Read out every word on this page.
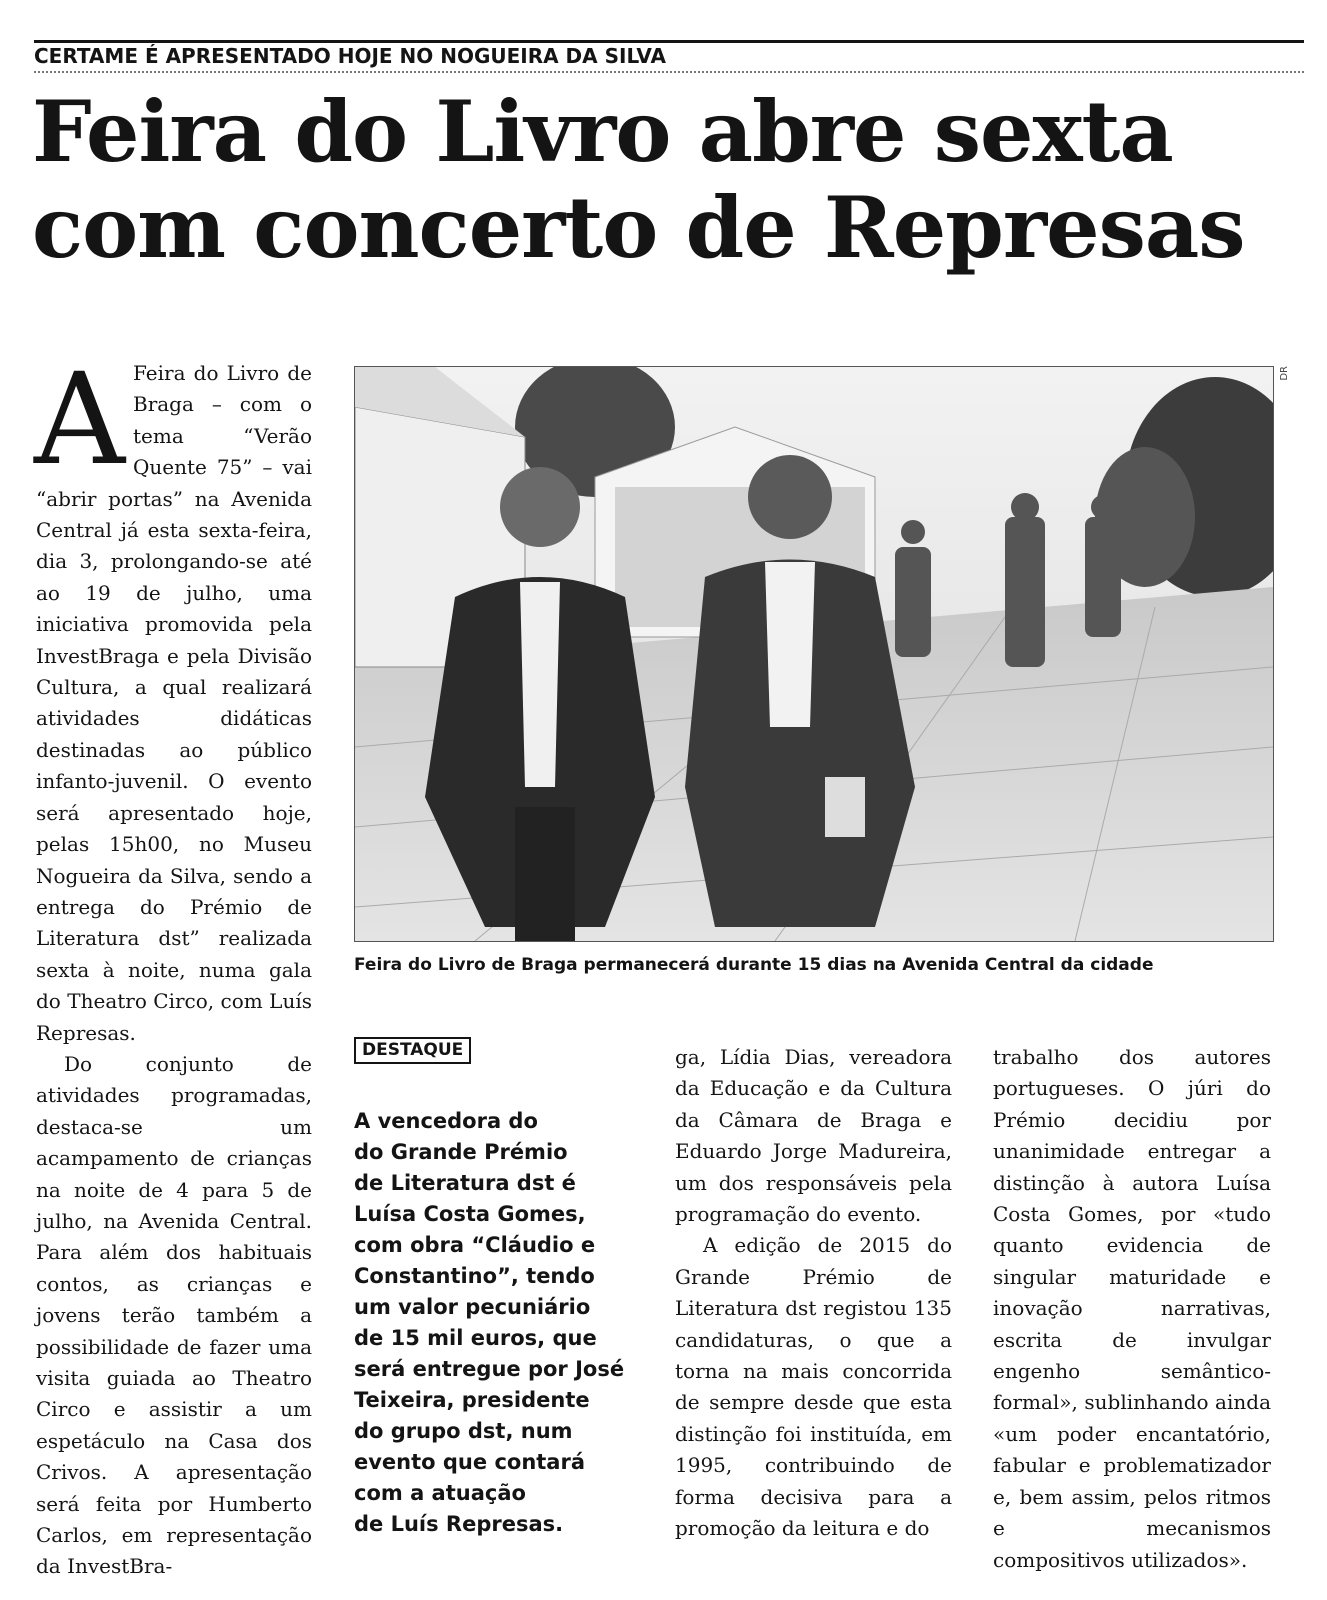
CERTAME É APRESENTADO HOJE NO NOGUEIRA DA SILVA
Feira do Livro abre sexta
com concerto de Represas
A Feira do Livro de Braga – com o tema “Verão Quente 75” – vai “abrir portas” na Avenida Central já esta sexta-feira, dia 3, prolongando-se até ao 19 de julho, uma iniciativa promovida pela InvestBraga e pela Divisão Cultura, a qual realizará atividades didáticas destinadas ao público infanto-juvenil. O evento será apresentado hoje, pelas 15h00, no Museu Nogueira da Silva, sendo a entrega do Prémio de Literatura dst” realizada sexta à noite, numa gala do Theatro Circo, com Luís Represas.

Do conjunto de atividades programadas, destaca-se um acampamento de crianças na noite de 4 para 5 de julho, na Avenida Central. Para além dos habituais contos, as crianças e jovens terão também a possibilidade de fazer uma visita guiada ao Theatro Circo e assistir a um espetáculo na Casa dos Crivos. A apresentação será feita por Humberto Carlos, em representação da InvestBra-

DR
Feira do Livro de Braga permanecerá durante 15 dias na Avenida Central da cidade
DESTAQUE
A vencedora do
do Grande Prémio
de Literatura dst é
Luísa Costa Gomes,
com obra “Cláudio e
Constantino”, tendo
um valor pecuniário
de 15 mil euros, que
será entregue por José
Teixeira, presidente
do grupo dst, num
evento que contará
com a atuação
de Luís Represas.

ga, Lídia Dias, vereadora da Educação e da Cultura da Câmara de Braga e Eduardo Jorge Madureira, um dos responsáveis pela programação do evento.

A edição de 2015 do Grande Prémio de Literatura dst registou 135 candidaturas, o que a torna na mais concorrida de sempre desde que esta distinção foi instituída, em 1995, contribuindo de forma decisiva para a promoção da leitura e do

trabalho dos autores portugueses. O júri do Prémio decidiu por unanimidade entregar a distinção à autora Luísa Costa Gomes, por «tudo quanto evidencia de singular maturidade e inovação narrativas, escrita de invulgar engenho semântico-formal», sublinhando ainda «um poder encantatório, fabular e problematizador e, bem assim, pelos ritmos e mecanismos compositivos utilizados».
